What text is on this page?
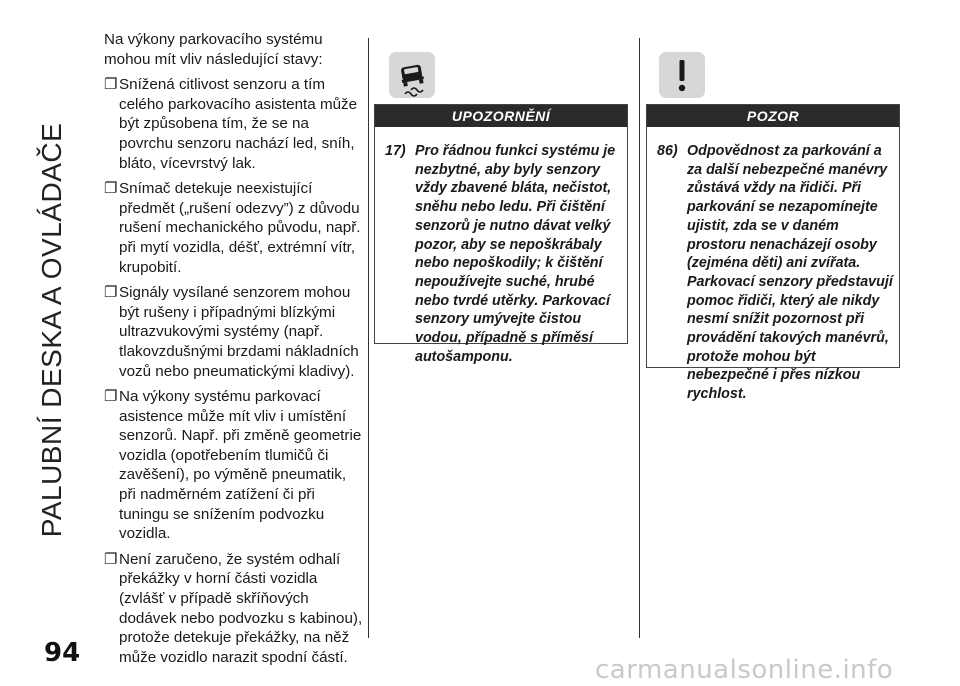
PALUBNÍ DESKA A OVLÁDAČE

Na výkony parkovacího systému mohou mít vliv následující stavy:

❐ Snížená citlivost senzoru a tím celého parkovacího asistenta může být způsobena tím, že se na povrchu senzoru nachází led, sníh, bláto, vícevrstvý lak.

❐ Snímač detekuje neexistující předmět („rušení odezvy”) z důvodu rušení mechanického původu, např. při mytí vozidla, déšť, extrémní vítr, krupobití.

❐ Signály vysílané senzorem mohou být rušeny i případnými blízkými ultrazvukovými systémy (např. tlakovzdušnými brzdami nákladních vozů nebo pneumatickými kladivy).

❐ Na výkony systému parkovací asistence může mít vliv i umístění senzorů. Např. při změně geometrie vozidla (opotřebením tlumičů či zavěšení), po výměně pneumatik, při nadměrném zatížení či při tuningu se snížením podvozku vozidla.

❐ Není zaručeno, že systém odhalí překážky v horní části vozidla (zvlášť v případě skříňových dodávek nebo podvozku s kabinou), protože detekuje překážky, na něž může vozidlo narazit spodní částí.

UPOZORNĚNÍ

17) Pro řádnou funkci systému je nezbytné, aby byly senzory vždy zbavené bláta, nečistot, sněhu nebo ledu. Při čištění senzorů je nutno dávat velký pozor, aby se nepoškrábaly nebo nepoškodily; k čištění nepoužívejte suché, hrubé nebo tvrdé utěrky. Parkovací senzory umývejte čistou vodou, případně s příměsí autošamponu.

POZOR

86) Odpovědnost za parkování a za další nebezpečné manévry zůstává vždy na řidiči. Při parkování se nezapomínejte ujistit, zda se v daném prostoru nenacházejí osoby (zejména děti) ani zvířata. Parkovací senzory představují pomoc řidiči, který ale nikdy nesmí snížit pozornost při provádění takových manévrů, protože mohou být nebezpečné i přes nízkou rychlost.

94
carmanualsonline.info
